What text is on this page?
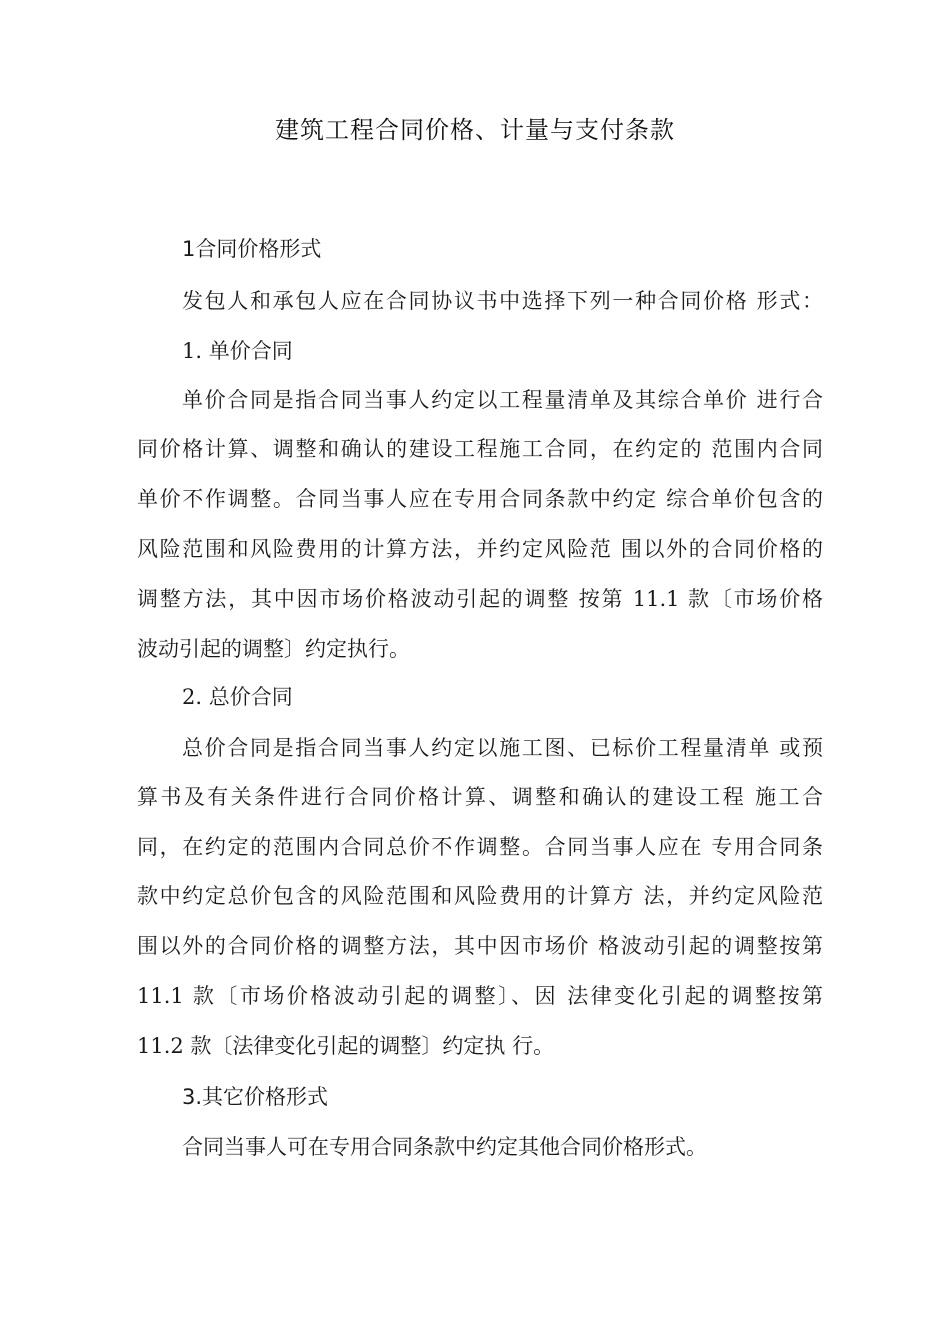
建筑工程合同价格、计量与支付条款
1合同价格形式
发包人和承包人应在合同协议书中选择下列一种合同价格 形式：
1. 单价合同
单价合同是指合同当事人约定以工程量清单及其综合单价 进行合
同价格计算、调整和确认的建设工程施工合同，在约定的 范围内合同
单价不作调整。合同当事人应在专用合同条款中约定 综合单价包含的
风险范围和风险费用的计算方法，并约定风险范 围以外的合同价格的
调整方法，其中因市场价格波动引起的调整 按第 11.1 款〔市场价格
波动引起的调整〕约定执行。
2. 总价合同
总价合同是指合同当事人约定以施工图、已标价工程量清单 或预
算书及有关条件进行合同价格计算、调整和确认的建设工程 施工合
同，在约定的范围内合同总价不作调整。合同当事人应在 专用合同条
款中约定总价包含的风险范围和风险费用的计算方 法，并约定风险范
围以外的合同价格的调整方法，其中因市场价 格波动引起的调整按第
11.1 款〔市场价格波动引起的调整〕、因 法律变化引起的调整按第
11.2 款〔法律变化引起的调整〕约定执 行。
3.其它价格形式
合同当事人可在专用合同条款中约定其他合同价格形式。
